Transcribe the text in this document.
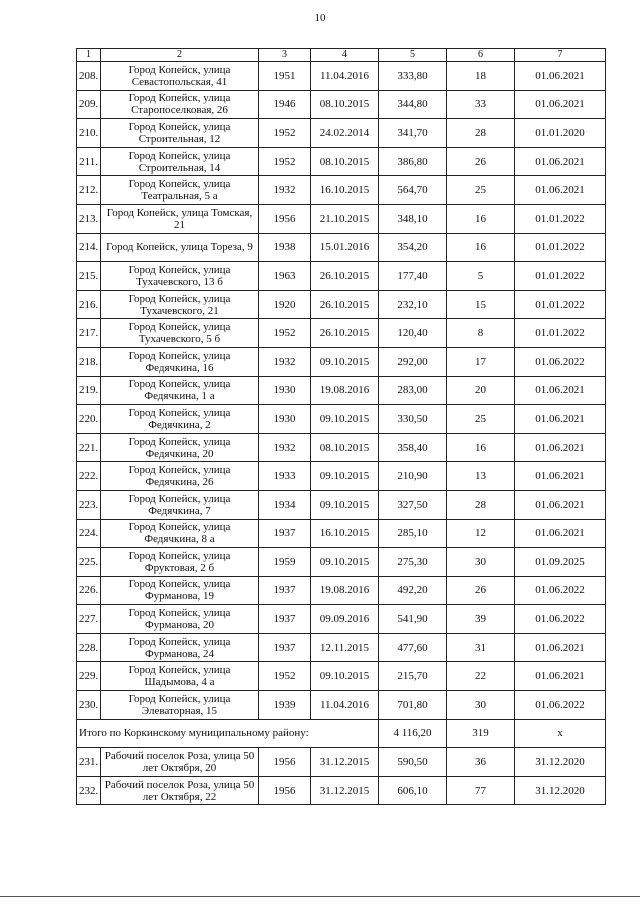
10
1	2	3	4	5	6	7
208.	Город Копейск, улица Севастопольская, 41	1951	11.04.2016	333,80	18	01.06.2021
209.	Город Копейск, улица Старопоселковая, 26	1946	08.10.2015	344,80	33	01.06.2021
210.	Город Копейск, улица Строительная, 12	1952	24.02.2014	341,70	28	01.01.2020
211.	Город Копейск, улица Строительная, 14	1952	08.10.2015	386,80	26	01.06.2021
212.	Город Копейск, улица Театральная, 5 а	1932	16.10.2015	564,70	25	01.06.2021
213.	Город Копейск, улица Томская, 21	1956	21.10.2015	348,10	16	01.01.2022
214.	Город Копейск, улица Тореза, 9	1938	15.01.2016	354,20	16	01.01.2022
215.	Город Копейск, улица Тухачевского, 13 б	1963	26.10.2015	177,40	5	01.01.2022
216.	Город Копейск, улица Тухачевского, 21	1920	26.10.2015	232,10	15	01.01.2022
217.	Город Копейск, улица Тухачевского, 5 б	1952	26.10.2015	120,40	8	01.01.2022
218.	Город Копейск, улица Федячкина, 16	1932	09.10.2015	292,00	17	01.06.2022
219.	Город Копейск, улица Федячкина, 1 а	1930	19.08.2016	283,00	20	01.06.2021
220.	Город Копейск, улица Федячкина, 2	1930	09.10.2015	330,50	25	01.06.2021
221.	Город Копейск, улица Федячкина, 20	1932	08.10.2015	358,40	16	01.06.2021
222.	Город Копейск, улица Федячкина, 26	1933	09.10.2015	210,90	13	01.06.2021
223.	Город Копейск, улица Федячкина, 7	1934	09.10.2015	327,50	28	01.06.2021
224.	Город Копейск, улица Федячкина, 8 а	1937	16.10.2015	285,10	12	01.06.2021
225.	Город Копейск, улица Фруктовая, 2 б	1959	09.10.2015	275,30	30	01.09.2025
226.	Город Копейск, улица Фурманова, 19	1937	19.08.2016	492,20	26	01.06.2022
227.	Город Копейск, улица Фурманова, 20	1937	09.09.2016	541,90	39	01.06.2022
228.	Город Копейск, улица Фурманова, 24	1937	12.11.2015	477,60	31	01.06.2021
229.	Город Копейск, улица Шадымова, 4 а	1952	09.10.2015	215,70	22	01.06.2021
230.	Город Копейск, улица Элеваторная, 15	1939	11.04.2016	701,80	30	01.06.2022
Итого по Коркинскому муниципальному району:				4 116,20	319	x
231.	Рабочий поселок Роза, улица 50 лет Октября, 20	1956	31.12.2015	590,50	36	31.12.2020
232.	Рабочий поселок Роза, улица 50 лет Октября, 22	1956	31.12.2015	606,10	77	31.12.2020
